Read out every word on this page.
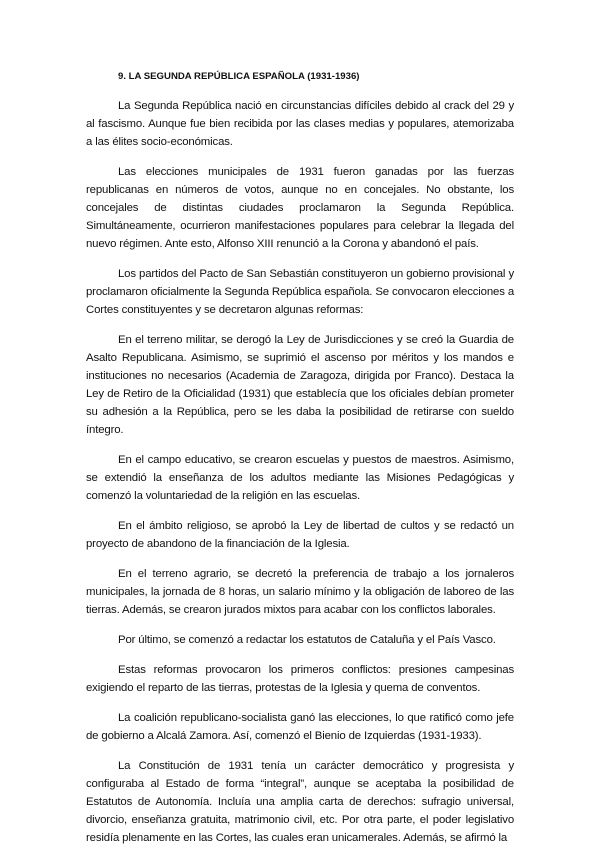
9. LA SEGUNDA REPÚBLICA ESPAÑOLA (1931-1936)

La Segunda República nació en circunstancias difíciles debido al crack del 29 y al fascismo. Aunque fue bien recibida por las clases medias y populares, atemorizaba a las élites socio-económicas.

Las elecciones municipales de 1931 fueron ganadas por las fuerzas republicanas en números de votos, aunque no en concejales. No obstante, los concejales de distintas ciudades proclamaron la Segunda República. Simultáneamente, ocurrieron manifestaciones populares para celebrar la llegada del nuevo régimen. Ante esto, Alfonso XIII renunció a la Corona y abandonó el país.

Los partidos del Pacto de San Sebastián constituyeron un gobierno provisional y proclamaron oficialmente la Segunda República española. Se convocaron elecciones a Cortes constituyentes y se decretaron algunas reformas:

En el terreno militar, se derogó la Ley de Jurisdicciones y se creó la Guardia de Asalto Republicana. Asimismo, se suprimió el ascenso por méritos y los mandos e instituciones no necesarios (Academia de Zaragoza, dirigida por Franco). Destaca la Ley de Retiro de la Oficialidad (1931) que establecía que los oficiales debían prometer su adhesión a la República, pero se les daba la posibilidad de retirarse con sueldo íntegro.

En el campo educativo, se crearon escuelas y puestos de maestros. Asimismo, se extendió la enseñanza de los adultos mediante las Misiones Pedagógicas y comenzó la voluntariedad de la religión en las escuelas.

En el ámbito religioso, se aprobó la Ley de libertad de cultos y se redactó un proyecto de abandono de la financiación de la Iglesia.

En el terreno agrario, se decretó la preferencia de trabajo a los jornaleros municipales, la jornada de 8 horas, un salario mínimo y la obligación de laboreo de las tierras. Además, se crearon jurados mixtos para acabar con los conflictos laborales.

Por último, se comenzó a redactar los estatutos de Cataluña y el País Vasco.

Estas reformas provocaron los primeros conflictos: presiones campesinas exigiendo el reparto de las tierras, protestas de la Iglesia y quema de conventos.

La coalición republicano-socialista ganó las elecciones, lo que ratificó como jefe de gobierno a Alcalá Zamora. Así, comenzó el Bienio de Izquierdas (1931-1933).

La Constitución de 1931 tenía un carácter democrático y progresista y configuraba al Estado de forma “integral”, aunque se aceptaba la posibilidad de Estatutos de Autonomía. Incluía una amplia carta de derechos: sufragio universal, divorcio, enseñanza gratuita, matrimonio civil, etc. Por otra parte, el poder legislativo residía plenamente en las Cortes, las cuales eran unicamerales. Además, se afirmó la
